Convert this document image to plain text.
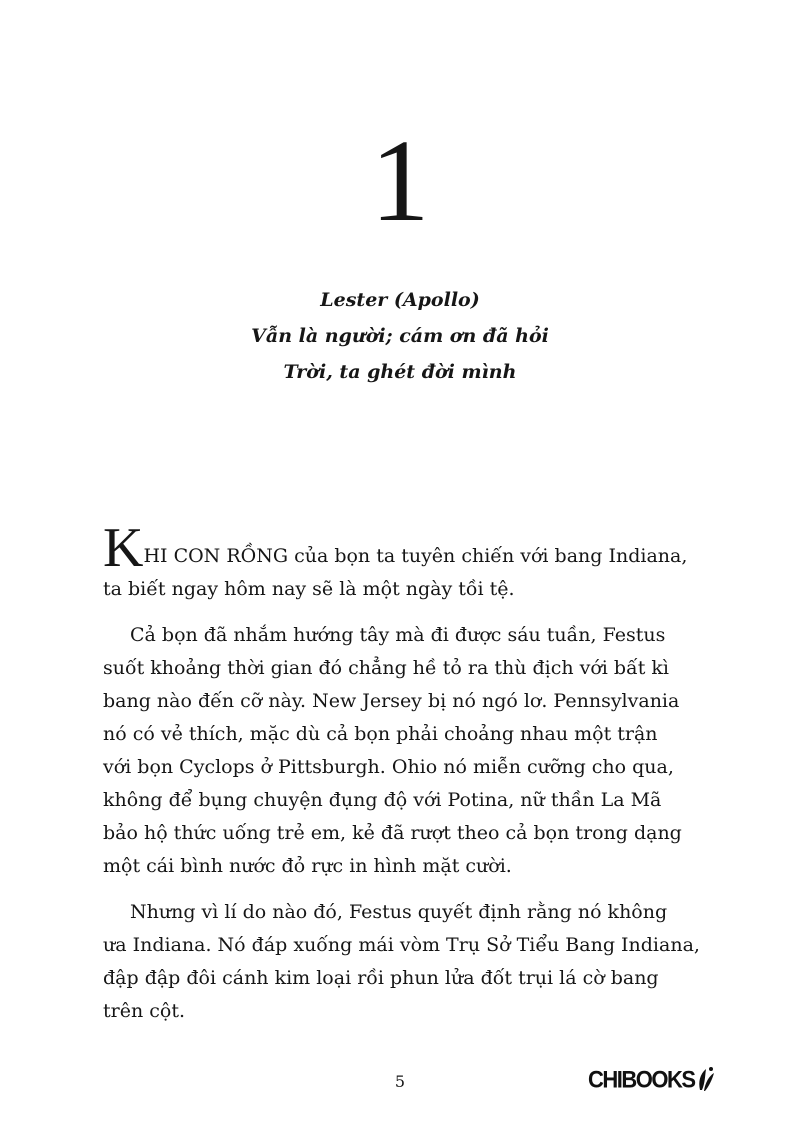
1
Lester (Apollo)
Vẫn là người; cám ơn đã hỏi
Trời, ta ghét đời mình
KHI CON RỒNG của bọn ta tuyên chiến với bang Indiana,
ta biết ngay hôm nay sẽ là một ngày tồi tệ.
Cả bọn đã nhắm hướng tây mà đi được sáu tuần, Festus
suốt khoảng thời gian đó chẳng hề tỏ ra thù địch với bất kì
bang nào đến cỡ này. New Jersey bị nó ngó lơ. Pennsylvania
nó có vẻ thích, mặc dù cả bọn phải choảng nhau một trận
với bọn Cyclops ở Pittsburgh. Ohio nó miễn cưỡng cho qua,
không để bụng chuyện đụng độ với Potina, nữ thần La Mã
bảo hộ thức uống trẻ em, kẻ đã rượt theo cả bọn trong dạng
một cái bình nước đỏ rực in hình mặt cười.
Nhưng vì lí do nào đó, Festus quyết định rằng nó không
ưa Indiana. Nó đáp xuống mái vòm Trụ Sở Tiểu Bang Indiana,
đập đập đôi cánh kim loại rồi phun lửa đốt trụi lá cờ bang
trên cột.
5	CHIBOOKS
